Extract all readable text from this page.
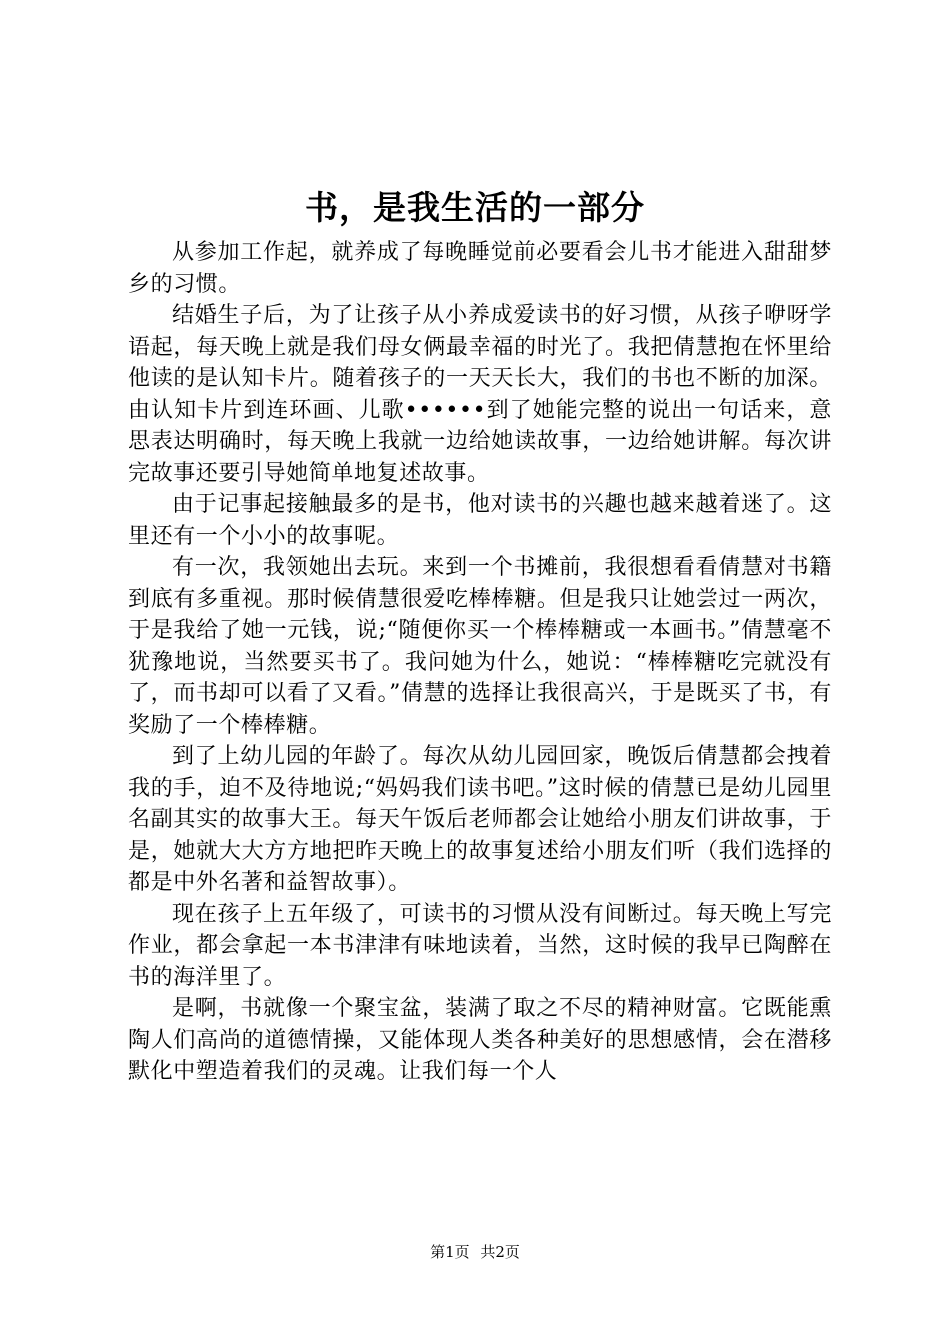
书，是我生活的一部分

从参加工作起，就养成了每晚睡觉前必要看会儿书才能进入甜甜梦乡的习惯。

结婚生子后，为了让孩子从小养成爱读书的好习惯，从孩子咿呀学语起，每天晚上就是我们母女俩最幸福的时光了。我把倩慧抱在怀里给他读的是认知卡片。随着孩子的一天天长大，我们的书也不断的加深。由认知卡片到连环画、儿歌••••••到了她能完整的说出一句话来，意思表达明确时，每天晚上我就一边给她读故事，一边给她讲解。每次讲完故事还要引导她简单地复述故事。

由于记事起接触最多的是书，他对读书的兴趣也越来越着迷了。这里还有一个小小的故事呢。

有一次，我领她出去玩。来到一个书摊前，我很想看看倩慧对书籍到底有多重视。那时候倩慧很爱吃棒棒糖。但是我只让她尝过一两次，于是我给了她一元钱，说;“随便你买一个棒棒糖或一本画书。”倩慧毫不犹豫地说，当然要买书了。我问她为什么，她说：“棒棒糖吃完就没有了，而书却可以看了又看。”倩慧的选择让我很高兴，于是既买了书，有奖励了一个棒棒糖。

到了上幼儿园的年龄了。每次从幼儿园回家，晚饭后倩慧都会拽着我的手，迫不及待地说;“妈妈我们读书吧。”这时候的倩慧已是幼儿园里名副其实的故事大王。每天午饭后老师都会让她给小朋友们讲故事，于是，她就大大方方地把昨天晚上的故事复述给小朋友们听（我们选择的都是中外名著和益智故事）。

现在孩子上五年级了，可读书的习惯从没有间断过。每天晚上写完作业，都会拿起一本书津津有味地读着，当然，这时候的我早已陶醉在书的海洋里了。

是啊，书就像一个聚宝盆，装满了取之不尽的精神财富。它既能熏陶人们高尚的道德情操，又能体现人类各种美好的思想感情，会在潜移默化中塑造着我们的灵魂。让我们每一个人

第1页 共2页
